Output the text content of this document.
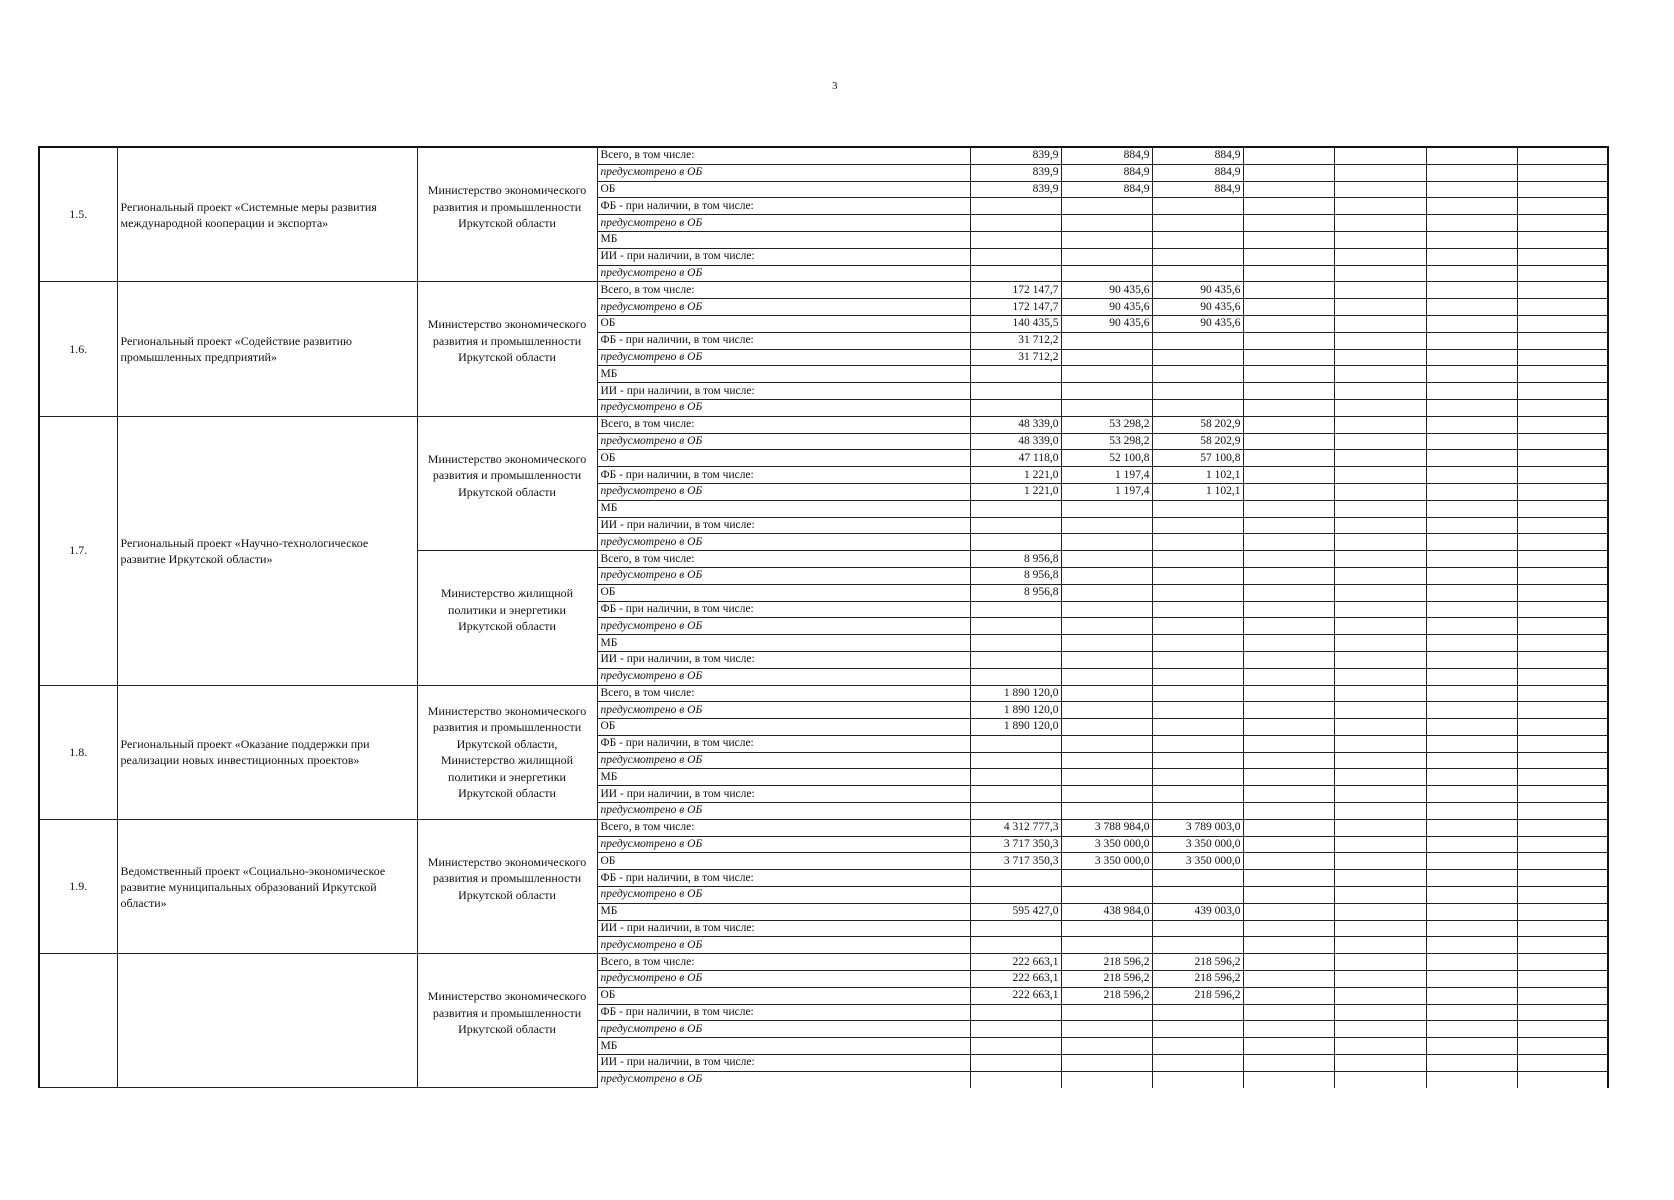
3
1.5.	Региональный проект «Системные меры развития международной кооперации и экспорта»	Министерство экономического развития и промышленности Иркутской области	Всего, в том числе:	839,9	884,9	884,9				
			предусмотрено в ОБ	839,9	884,9	884,9				
			ОБ	839,9	884,9	884,9				
			ФБ - при наличии, в том числе:							
			предусмотрено в ОБ							
			МБ							
			ИИ - при наличии, в том числе:							
			предусмотрено в ОБ							
1.6.	Региональный проект «Содействие развитию промышленных предприятий»	Министерство экономического развития и промышленности Иркутской области	Всего, в том числе:	172 147,7	90 435,6	90 435,6				
			предусмотрено в ОБ	172 147,7	90 435,6	90 435,6				
			ОБ	140 435,5	90 435,6	90 435,6				
			ФБ - при наличии, в том числе:	31 712,2						
			предусмотрено в ОБ	31 712,2						
			МБ							
			ИИ - при наличии, в том числе:							
			предусмотрено в ОБ							
1.7.	Региональный проект «Научно-технологическое развитие Иркутской области»	Министерство экономического развития и промышленности Иркутской области	Всего, в том числе:	48 339,0	53 298,2	58 202,9				
			предусмотрено в ОБ	48 339,0	53 298,2	58 202,9				
			ОБ	47 118,0	52 100,8	57 100,8				
			ФБ - при наличии, в том числе:	1 221,0	1 197,4	1 102,1				
			предусмотрено в ОБ	1 221,0	1 197,4	1 102,1				
			МБ							
			ИИ - при наличии, в том числе:							
			предусмотрено в ОБ							
		Министерство жилищной политики и энергетики Иркутской области	Всего, в том числе:	8 956,8						
			предусмотрено в ОБ	8 956,8						
			ОБ	8 956,8						
			ФБ - при наличии, в том числе:							
			предусмотрено в ОБ							
			МБ							
			ИИ - при наличии, в том числе:							
			предусмотрено в ОБ							
1.8.	Региональный проект «Оказание поддержки при реализации новых инвестиционных проектов»	Министерство экономического развития и промышленности Иркутской области, Министерство жилищной политики и энергетики Иркутской области	Всего, в том числе:	1 890 120,0						
			предусмотрено в ОБ	1 890 120,0						
			ОБ	1 890 120,0						
			ФБ - при наличии, в том числе:							
			предусмотрено в ОБ							
			МБ							
			ИИ - при наличии, в том числе:							
			предусмотрено в ОБ							
1.9.	Ведомственный проект «Социально-экономическое развитие муниципальных образований Иркутской области»	Министерство экономического развития и промышленности Иркутской области	Всего, в том числе:	4 312 777,3	3 788 984,0	3 789 003,0				
			предусмотрено в ОБ	3 717 350,3	3 350 000,0	3 350 000,0				
			ОБ	3 717 350,3	3 350 000,0	3 350 000,0				
			ФБ - при наличии, в том числе:							
			предусмотрено в ОБ							
			МБ	595 427,0	438 984,0	439 003,0				
			ИИ - при наличии, в том числе:							
			предусмотрено в ОБ							
		Министерство экономического развития и промышленности Иркутской области	Всего, в том числе:	222 663,1	218 596,2	218 596,2				
			предусмотрено в ОБ	222 663,1	218 596,2	218 596,2				
			ОБ	222 663,1	218 596,2	218 596,2				
			ФБ - при наличии, в том числе:							
			предусмотрено в ОБ							
			МБ							
			ИИ - при наличии, в том числе:							
			предусмотрено в ОБ							
